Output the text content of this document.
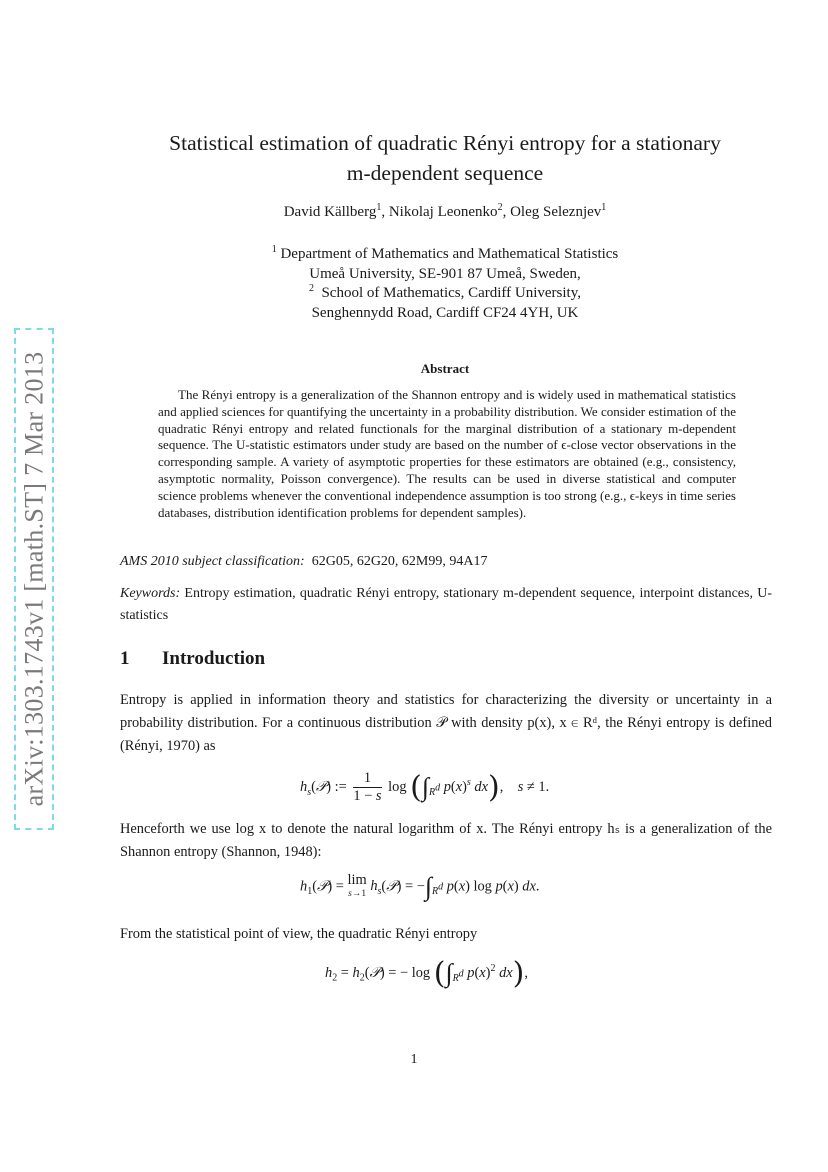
arXiv:1303.1743v1 [math.ST] 7 Mar 2013
Statistical estimation of quadratic Rényi entropy for a stationary
m-dependent sequence
David Källberg$^1$, Nikolaj Leonenko$^2$, Oleg Seleznjev$^1$
$^1$ Department of Mathematics and Mathematical Statistics
Umeå University, SE-901 87 Umeå, Sweden,
$^2$ School of Mathematics, Cardiff University,
Senghennydd Road, Cardiff CF24 4YH, UK
Abstract
The Rényi entropy is a generalization of the Shannon entropy and is widely used in mathematical statistics and applied sciences for quantifying the uncertainty in a probability distribution. We consider estimation of the quadratic Rényi entropy and related functionals for the marginal distribution of a stationary m-dependent sequence. The U-statistic estimators under study are based on the number of ϵ-close vector observations in the corresponding sample. A variety of asymptotic properties for these estimators are obtained (e.g., consistency, asymptotic normality, Poisson convergence). The results can be used in diverse statistical and computer science problems whenever the conventional independence assumption is too strong (e.g., ϵ-keys in time series databases, distribution identification problems for dependent samples).
AMS 2010 subject classification: 62G05, 62G20, 62M99, 94A17
Keywords: Entropy estimation, quadratic Rényi entropy, stationary m-dependent sequence, interpoint distances, U-statistics
1 Introduction
Entropy is applied in information theory and statistics for characterizing the diversity or uncertainty in a probability distribution. For a continuous distribution 𝒫 with density p(x), x ∈ Rᵈ, the Rényi entropy is defined (Rényi, 1970) as
$h_s(𝒫)$ := $\frac{1}{1 - s}$ $\log (\int_{R^d}$ $p(x)^s$ dx),    s ≠ 1.
Henceforth we use log x to denote the natural logarithm of x. The Rényi entropy hₛ is a generalization of the Shannon entropy (Shannon, 1948):
$h_1(𝒫) = \lim$
s→1 $h_s(𝒫) = -\int_{R^d}$ p(x) log p(x) dx.
From the statistical point of view, the quadratic Rényi entropy
$h_2$ = $h_2(𝒫)$ = − $\log (\int_{R^d}$ $p(x)^2$ dx),
1
